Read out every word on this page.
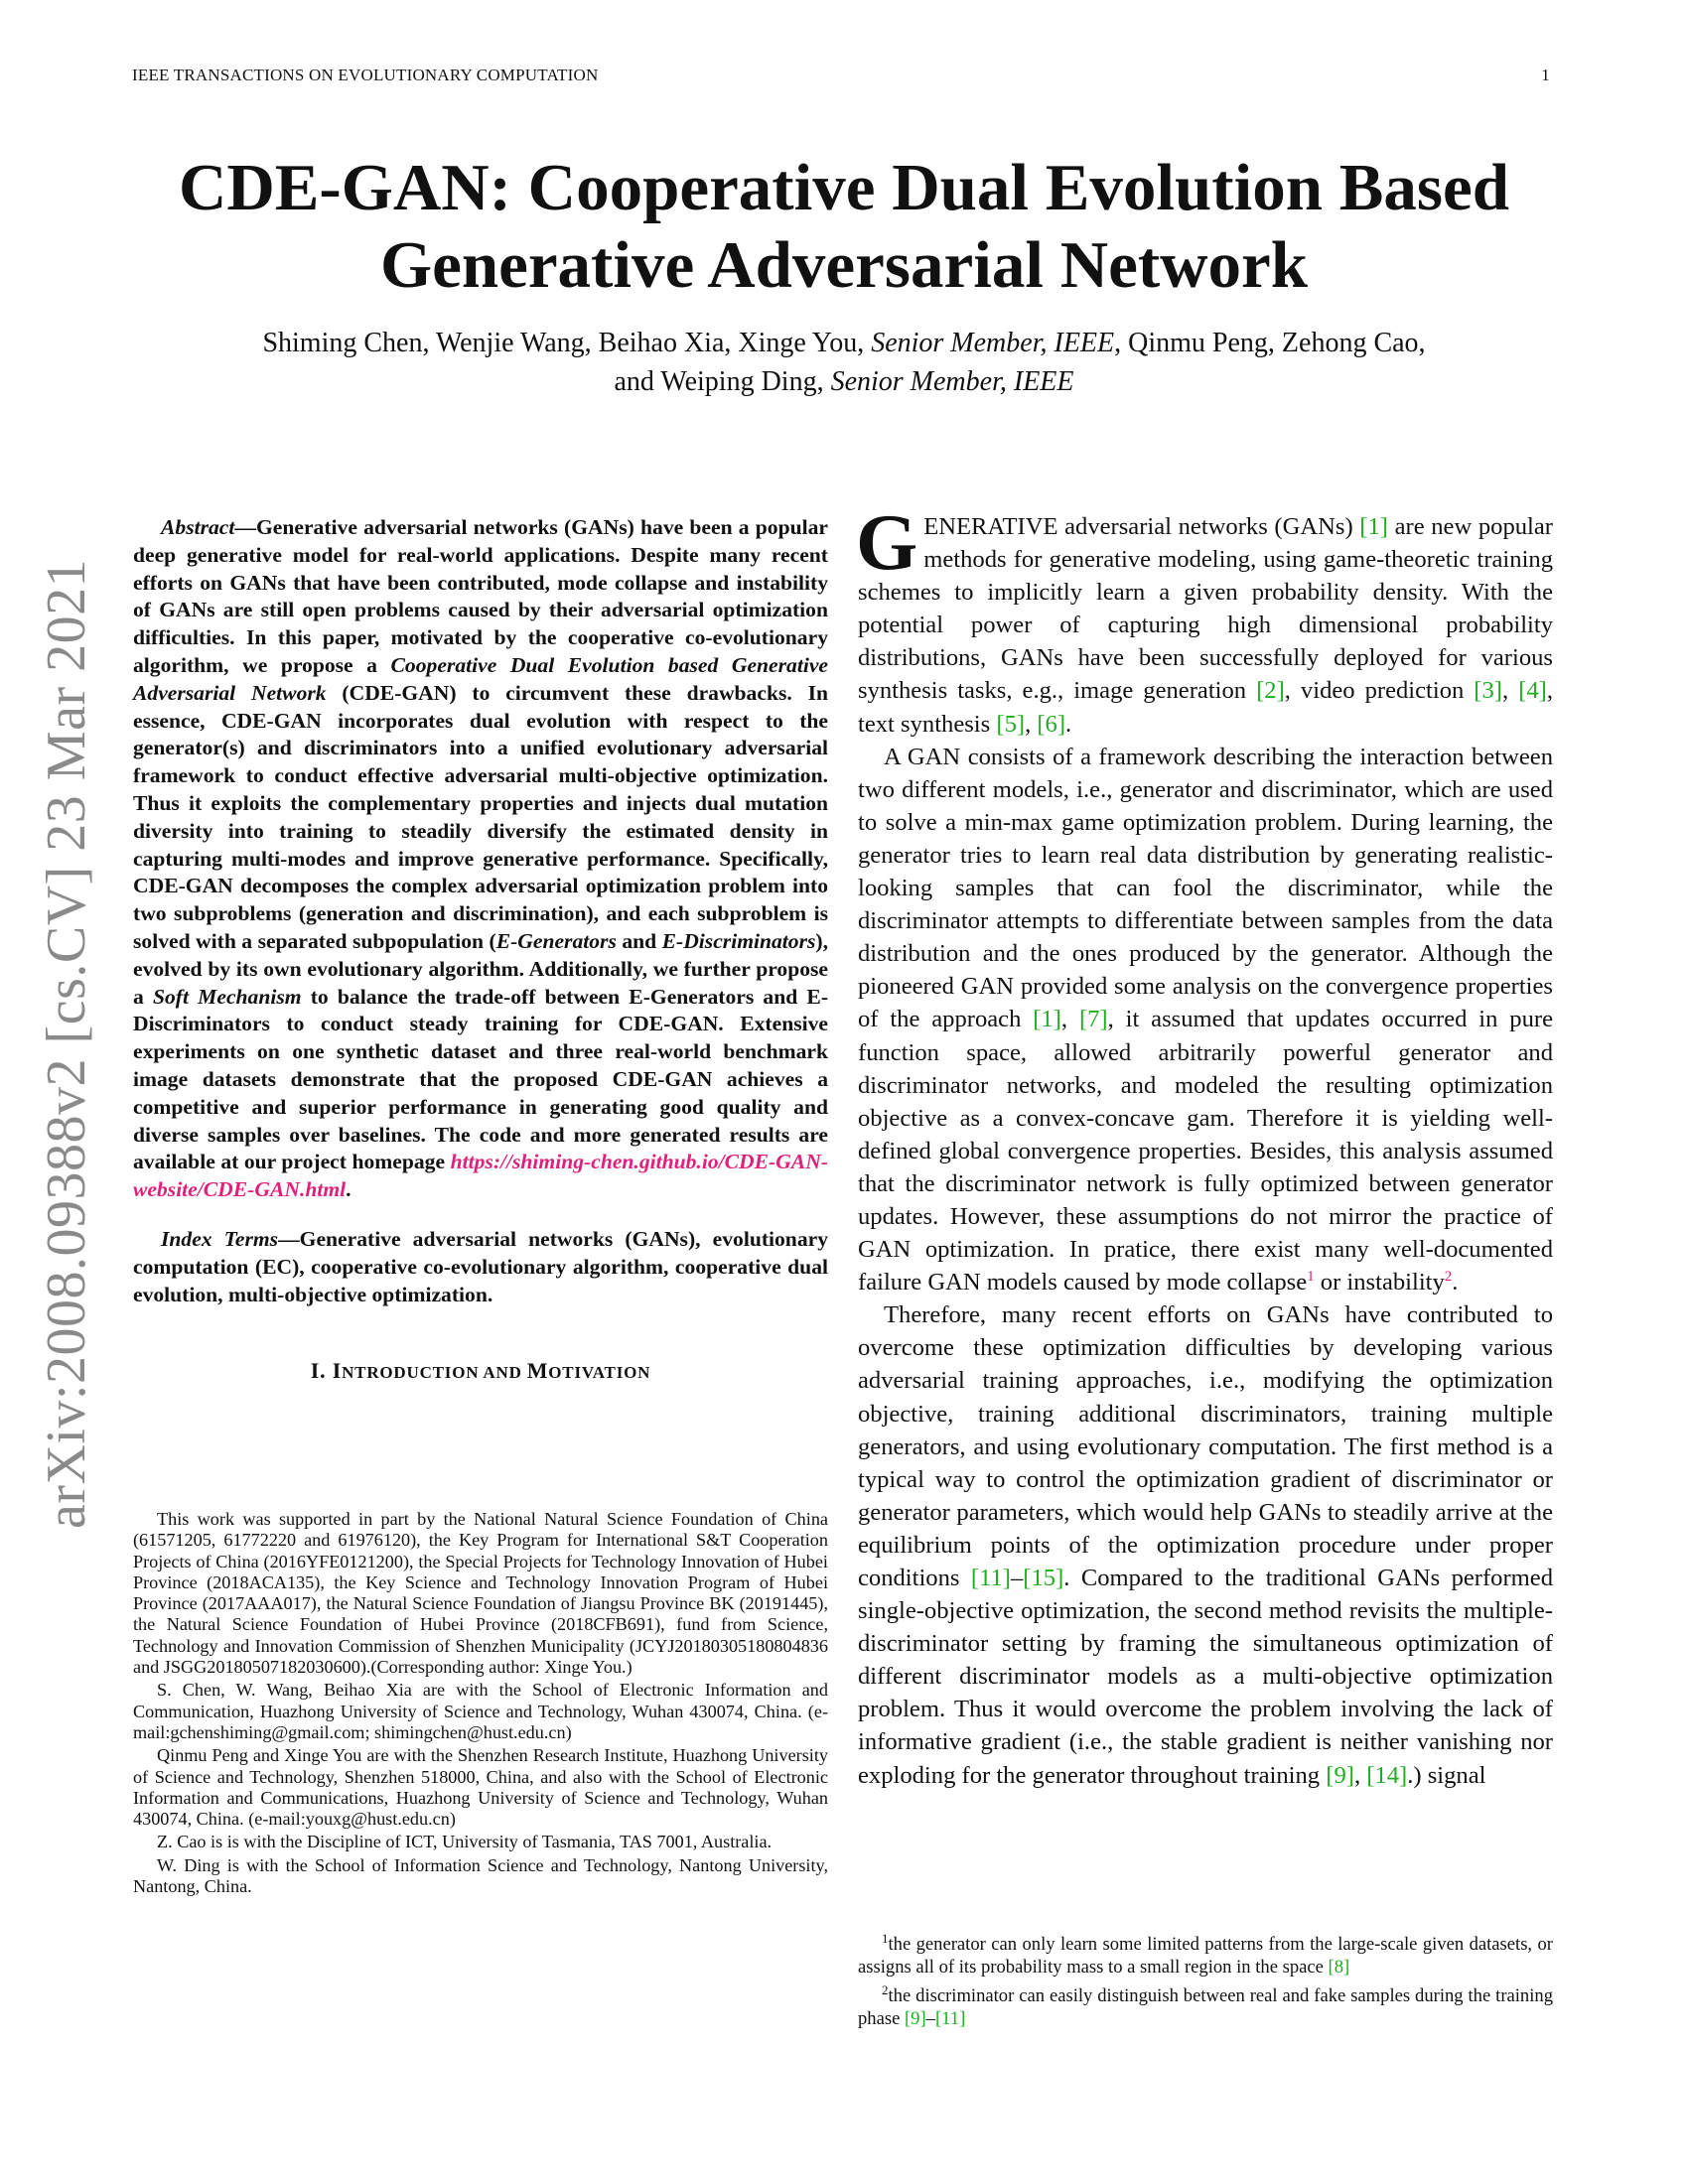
IEEE TRANSACTIONS ON EVOLUTIONARY COMPUTATION	1
arXiv:2008.09388v2 [cs.CV] 23 Mar 2021
CDE-GAN: Cooperative Dual Evolution Based
Generative Adversarial Network
Shiming Chen, Wenjie Wang, Beihao Xia, Xinge You, Senior Member, IEEE, Qinmu Peng, Zehong Cao,
and Weiping Ding, Senior Member, IEEE

Abstract—Generative adversarial networks (GANs) have been a popular deep generative model for real-world applications. Despite many recent efforts on GANs that have been contributed, mode collapse and instability of GANs are still open problems caused by their adversarial optimization difficulties. In this paper, motivated by the cooperative co-evolutionary algorithm, we propose a Cooperative Dual Evolution based Generative Adversarial Network (CDE-GAN) to circumvent these drawbacks. In essence, CDE-GAN incorporates dual evolution with respect to the generator(s) and discriminators into a unified evolutionary adversarial framework to conduct effective adversarial multi-objective optimization. Thus it exploits the complementary properties and injects dual mutation diversity into training to steadily diversify the estimated density in capturing multi-modes and improve generative performance. Specifically, CDE-GAN decomposes the complex adversarial optimization problem into two subproblems (generation and discrimination), and each subproblem is solved with a separated subpopulation (E-Generators and E-Discriminators), evolved by its own evolutionary algorithm. Additionally, we further propose a Soft Mechanism to balance the trade-off between E-Generators and E-Discriminators to conduct steady training for CDE-GAN. Extensive experiments on one synthetic dataset and three real-world benchmark image datasets demonstrate that the proposed CDE-GAN achieves a competitive and superior performance in generating good quality and diverse samples over baselines. The code and more generated results are available at our project homepage https://shiming-chen.github.io/CDE-GAN-website/CDE-GAN.html.

Index Terms—Generative adversarial networks (GANs), evolutionary computation (EC), cooperative co-evolutionary algorithm, cooperative dual evolution, multi-objective optimization.

I. INTRODUCTION AND MOTIVATION

This work was supported in part by the National Natural Science Foundation of China (61571205, 61772220 and 61976120), the Key Program for International S&T Cooperation Projects of China (2016YFE0121200), the Special Projects for Technology Innovation of Hubei Province (2018ACA135), the Key Science and Technology Innovation Program of Hubei Province (2017AAA017), the Natural Science Foundation of Jiangsu Province BK (20191445), the Natural Science Foundation of Hubei Province (2018CFB691), fund from Science, Technology and Innovation Commission of Shenzhen Municipality (JCYJ20180305180804836 and JSGG20180507182030600).(Corresponding author: Xinge You.)

S. Chen, W. Wang, Beihao Xia are with the School of Electronic Information and Communication, Huazhong University of Science and Technology, Wuhan 430074, China. (e-mail:gchenshiming@gmail.com; shimingchen@hust.edu.cn)

Qinmu Peng and Xinge You are with the Shenzhen Research Institute, Huazhong University of Science and Technology, Shenzhen 518000, China, and also with the School of Electronic Information and Communications, Huazhong University of Science and Technology, Wuhan 430074, China. (e-mail:youxg@hust.edu.cn)

Z. Cao is is with the Discipline of ICT, University of Tasmania, TAS 7001, Australia.

W. Ding is with the School of Information Science and Technology, Nantong University, Nantong, China.

GENERATIVE adversarial networks (GANs) [1] are new popular methods for generative modeling, using game-theoretic training schemes to implicitly learn a given probability density. With the potential power of capturing high dimensional probability distributions, GANs have been successfully deployed for various synthesis tasks, e.g., image generation [2], video prediction [3], [4], text synthesis [5], [6].

A GAN consists of a framework describing the interaction between two different models, i.e., generator and discriminator, which are used to solve a min-max game optimization problem. During learning, the generator tries to learn real data distribution by generating realistic-looking samples that can fool the discriminator, while the discriminator attempts to differentiate between samples from the data distribution and the ones produced by the generator. Although the pioneered GAN provided some analysis on the convergence properties of the approach [1], [7], it assumed that updates occurred in pure function space, allowed arbitrarily powerful generator and discriminator networks, and modeled the resulting optimization objective as a convex-concave gam. Therefore it is yielding well-defined global convergence properties. Besides, this analysis assumed that the discriminator network is fully optimized between generator updates. However, these assumptions do not mirror the practice of GAN optimization. In pratice, there exist many well-documented failure GAN models caused by mode collapse$^1$ or instability$^2$.

Therefore, many recent efforts on GANs have contributed to overcome these optimization difficulties by developing various adversarial training approaches, i.e., modifying the optimization objective, training additional discriminators, training multiple generators, and using evolutionary computation. The first method is a typical way to control the optimization gradient of discriminator or generator parameters, which would help GANs to steadily arrive at the equilibrium points of the optimization procedure under proper conditions [11]–[15]. Compared to the traditional GANs performed single-objective optimization, the second method revisits the multiple-discriminator setting by framing the simultaneous optimization of different discriminator models as a multi-objective optimization problem. Thus it would overcome the problem involving the lack of informative gradient (i.e., the stable gradient is neither vanishing nor exploding for the generator throughout training [9], [14].) signal

$^1$the generator can only learn some limited patterns from the large-scale given datasets, or assigns all of its probability mass to a small region in the space [8]

$^2$the discriminator can easily distinguish between real and fake samples during the training phase [9]–[11]
